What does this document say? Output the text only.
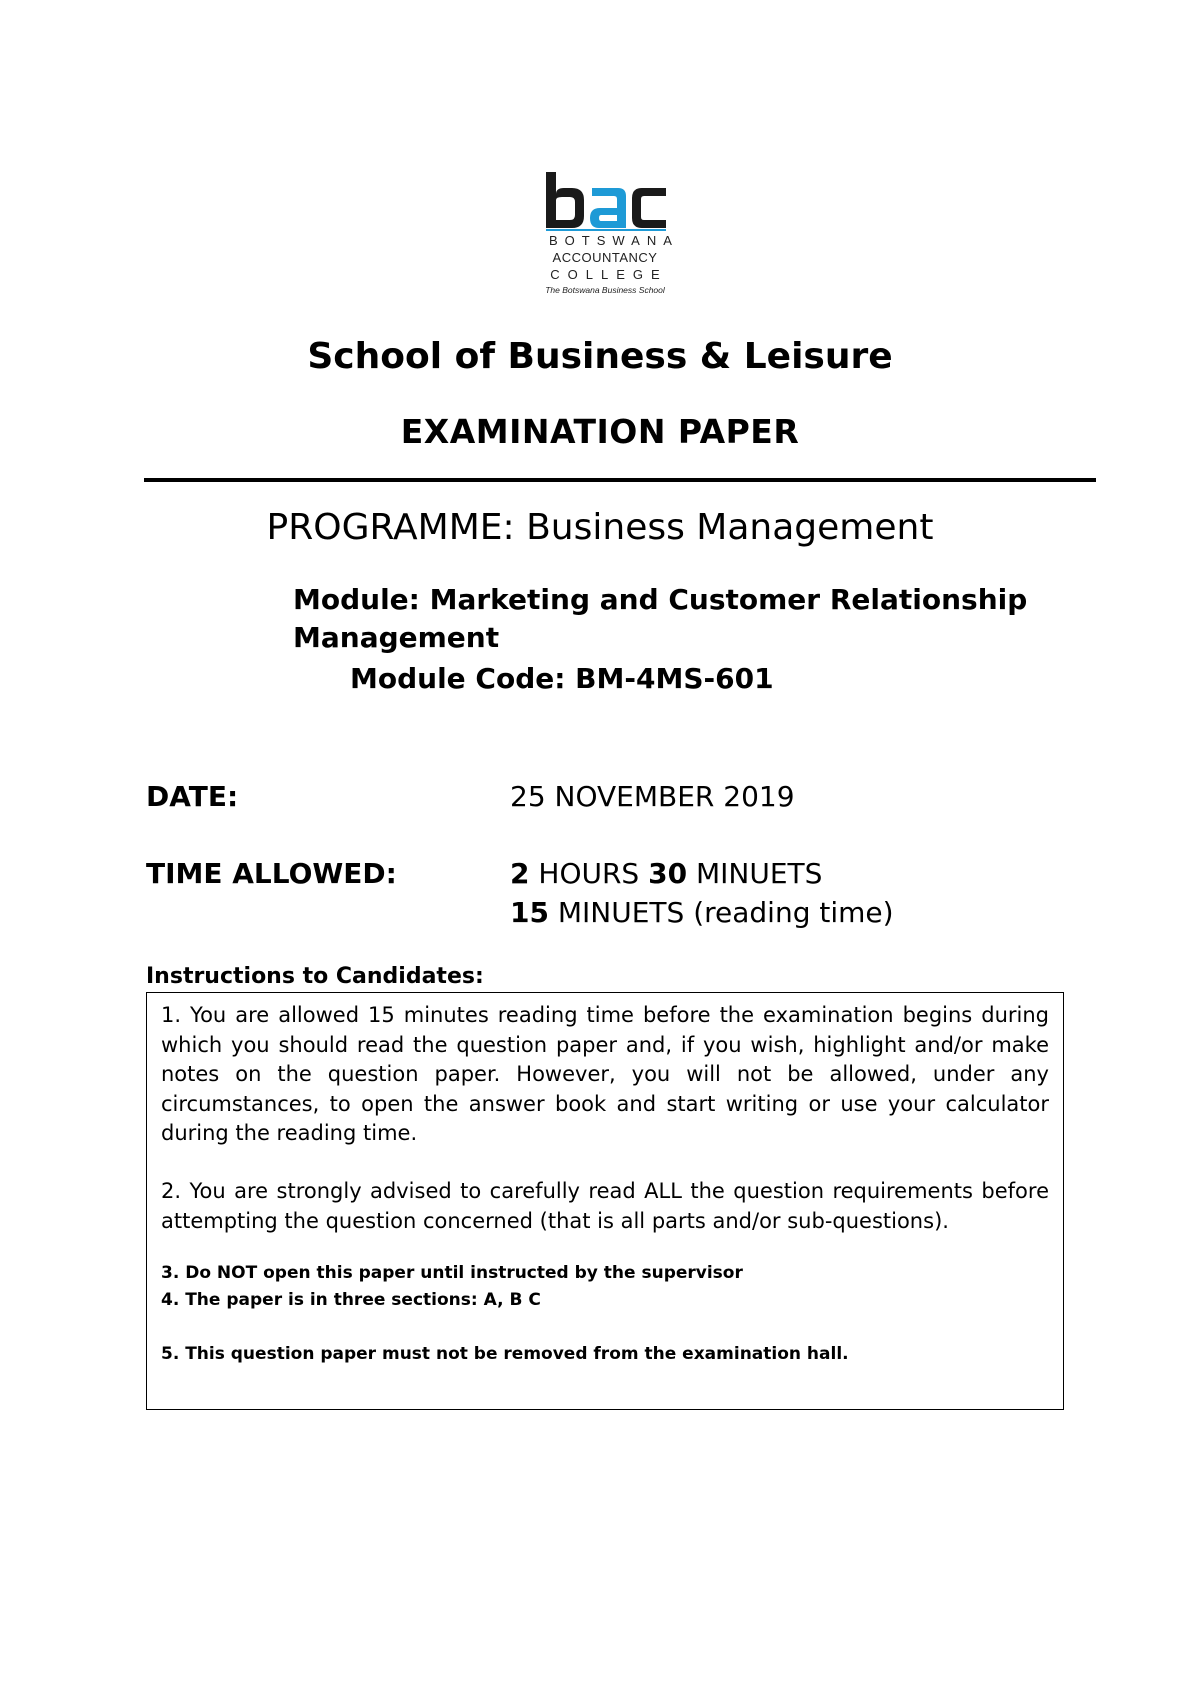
BOTSWANA
ACCOUNTANCY
COLLEGE
The Botswana Business School
School of Business & Leisure
EXAMINATION PAPER
PROGRAMME: Business Management
Module: Marketing and Customer Relationship Management
Module Code: BM-4MS-601
DATE:	25 NOVEMBER 2019
TIME ALLOWED:	2 HOURS 30 MINUETS
15 MINUETS (reading time)
Instructions to Candidates:

1. You are allowed 15 minutes reading time before the examination begins during which you should read the question paper and, if you wish, highlight and/or make notes on the question paper. However, you will not be allowed, under any circumstances, to open the answer book and start writing or use your calculator during the reading time.

2. You are strongly advised to carefully read ALL the question requirements before attempting the question concerned (that is all parts and/or sub-questions).

3. Do NOT open this paper until instructed by the supervisor

4. The paper is in three sections: A, B C

5. This question paper must not be removed from the examination hall.
